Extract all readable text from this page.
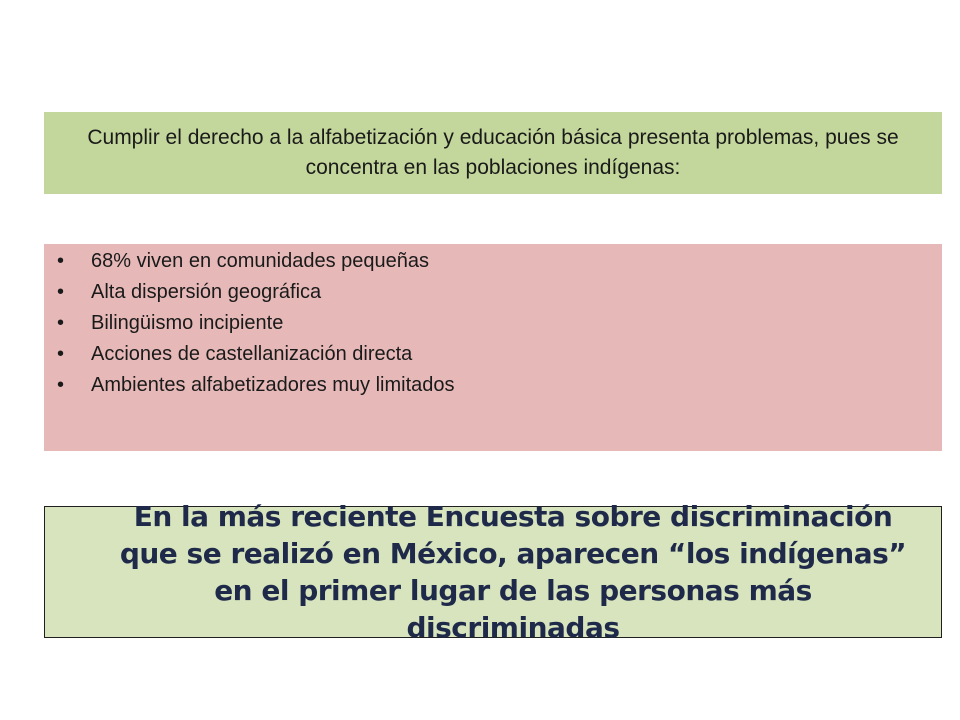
Cumplir el derecho a la alfabetización y educación básica presenta problemas, pues se concentra en las poblaciones indígenas:

• 68% viven en comunidades pequeñas
• Alta dispersión geográfica
• Bilingüismo incipiente
• Acciones de castellanización directa
• Ambientes alfabetizadores muy limitados

En la más reciente Encuesta sobre discriminación que se realizó en México, aparecen “los indígenas” en el primer lugar de las personas más discriminadas
